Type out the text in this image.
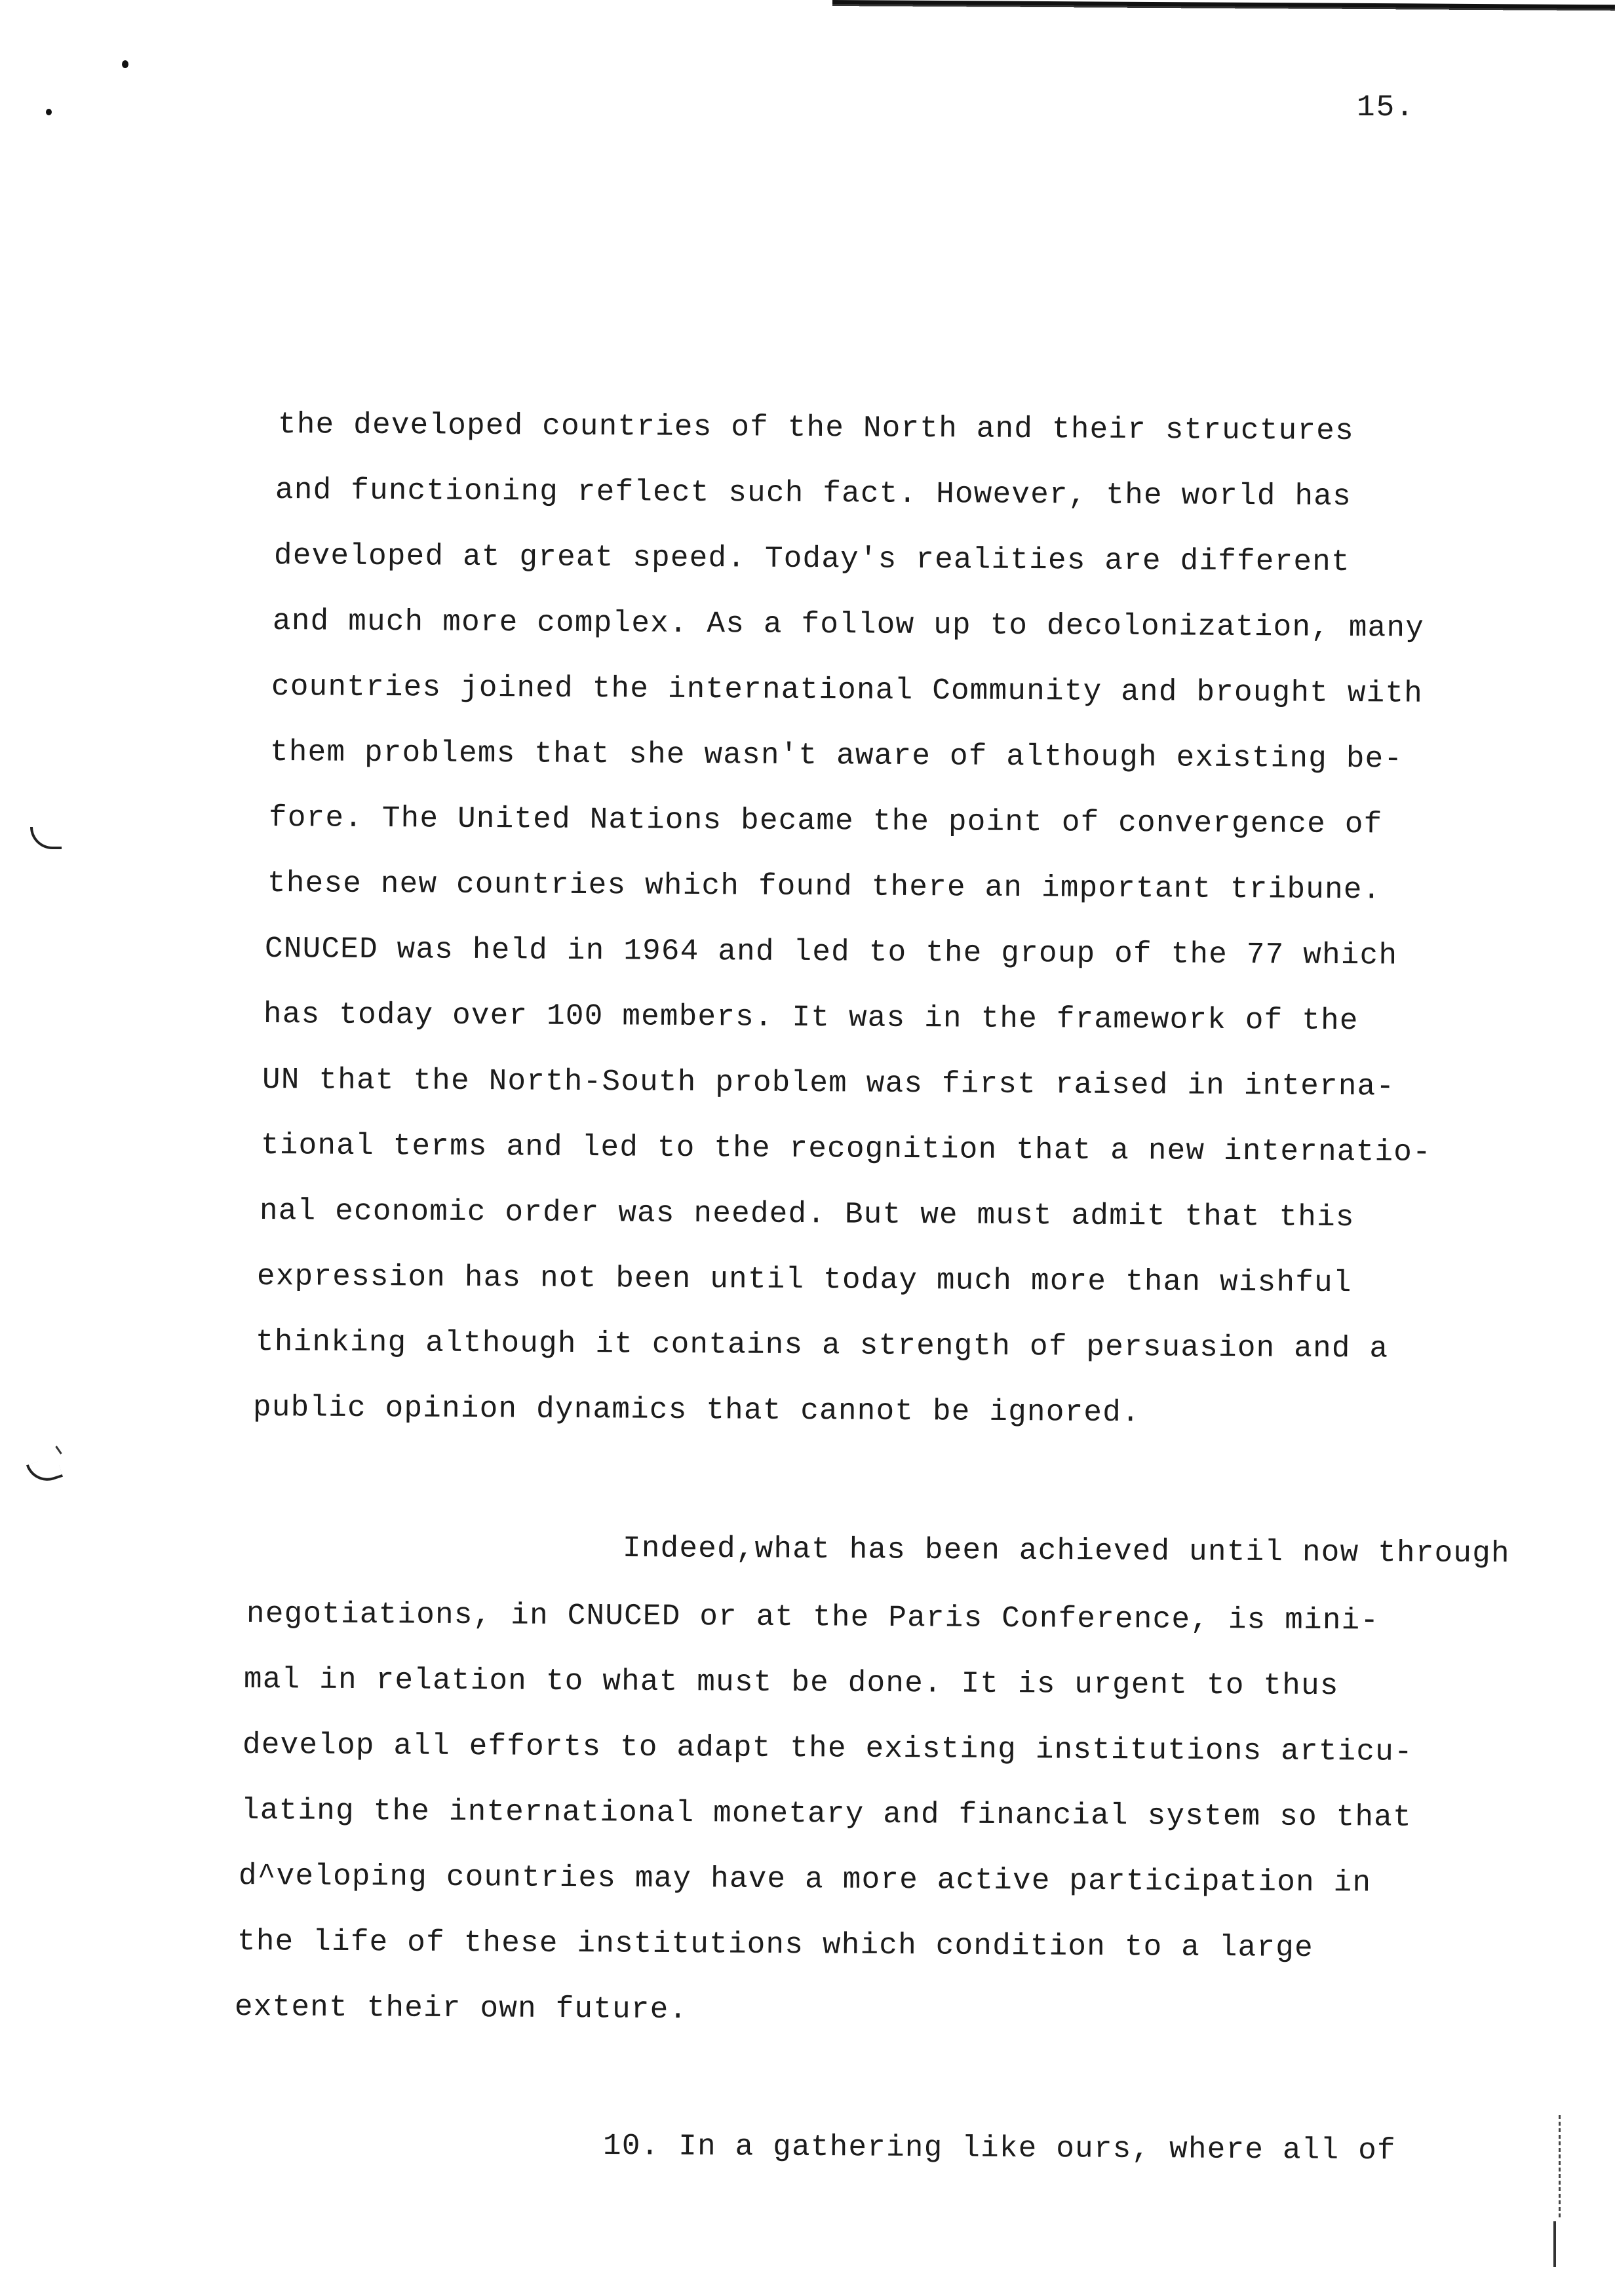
15.
the developed countries of the North and their structures
and functioning reflect such fact. However, the world has
developed at great speed. Today's realities are different
and much more complex. As a follow up to decolonization, many
countries joined the international Community and brought with
them problems that she wasn't aware of although existing be-
fore. The United Nations became the point of convergence of
these new countries which found there an important tribune.
CNUCED was held in 1964 and led to the group of the 77 which
has today over 100 members. It was in the framework of the
UN that the North-South problem was first raised in interna-
tional terms and led to the recognition that a new internatio-
nal economic order was needed. But we must admit that this
expression has not been until today much more than wishful
thinking although it contains a strength of persuasion and a
public opinion dynamics that cannot be ignored.
Indeed,what has been achieved until now through
negotiations, in CNUCED or at the Paris Conference, is mini-
mal in relation to what must be done. It is urgent to thus
develop all efforts to adapt the existing institutions articu-
lating the international monetary and financial system so that
d^veloping countries may have a more active participation in
the life of these institutions which condition to a large
extent their own future.
10. In a gathering like ours, where all of
